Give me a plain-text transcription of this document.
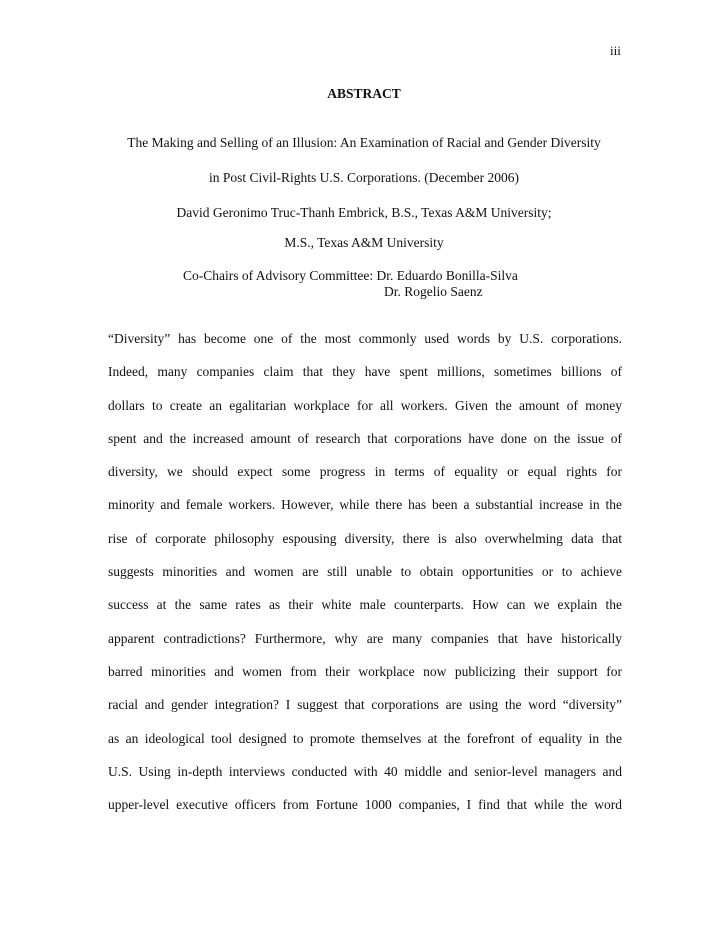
iii
ABSTRACT
The Making and Selling of an Illusion: An Examination of Racial and Gender Diversity
in Post Civil-Rights U.S. Corporations. (December 2006)
David Geronimo Truc-Thanh Embrick, B.S., Texas A&M University;
M.S., Texas A&M University
Co-Chairs of Advisory Committee: Dr. Eduardo Bonilla-Silva
Dr. Rogelio Saenz
“Diversity” has become one of the most commonly used words by U.S. corporations.
Indeed, many companies claim that they have spent millions, sometimes billions of
dollars to create an egalitarian workplace for all workers. Given the amount of money
spent and the increased amount of research that corporations have done on the issue of
diversity, we should expect some progress in terms of equality or equal rights for
minority and female workers. However, while there has been a substantial increase in the
rise of corporate philosophy espousing diversity, there is also overwhelming data that
suggests minorities and women are still unable to obtain opportunities or to achieve
success at the same rates as their white male counterparts. How can we explain the
apparent contradictions? Furthermore, why are many companies that have historically
barred minorities and women from their workplace now publicizing their support for
racial and gender integration? I suggest that corporations are using the word “diversity”
as an ideological tool designed to promote themselves at the forefront of equality in the
U.S. Using in-depth interviews conducted with 40 middle and senior-level managers and
upper-level executive officers from Fortune 1000 companies, I find that while the word
